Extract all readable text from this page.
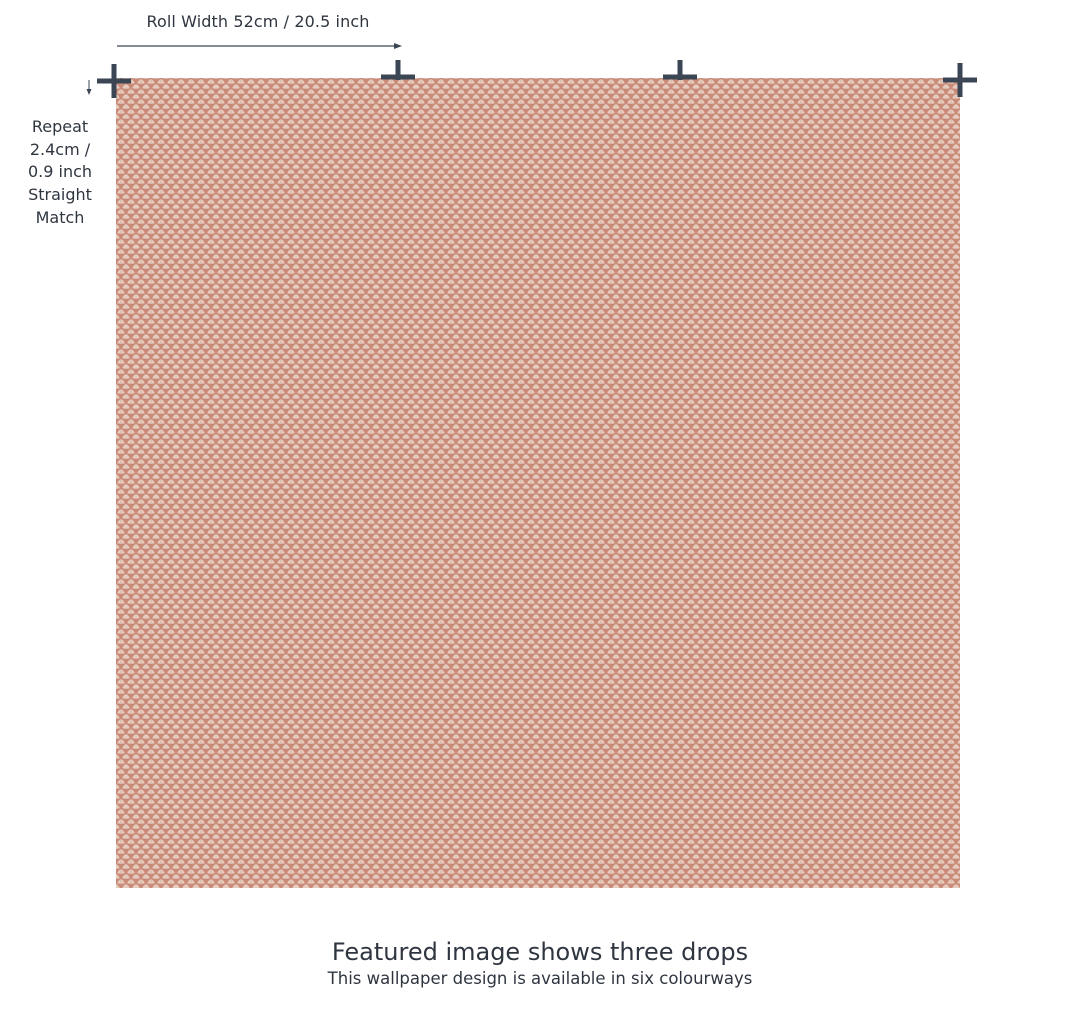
Roll Width 52cm / 20.5 inch
Repeat
2.4cm /
0.9 inch
Straight
Match
Featured image shows three drops
This wallpaper design is available in six colourways
